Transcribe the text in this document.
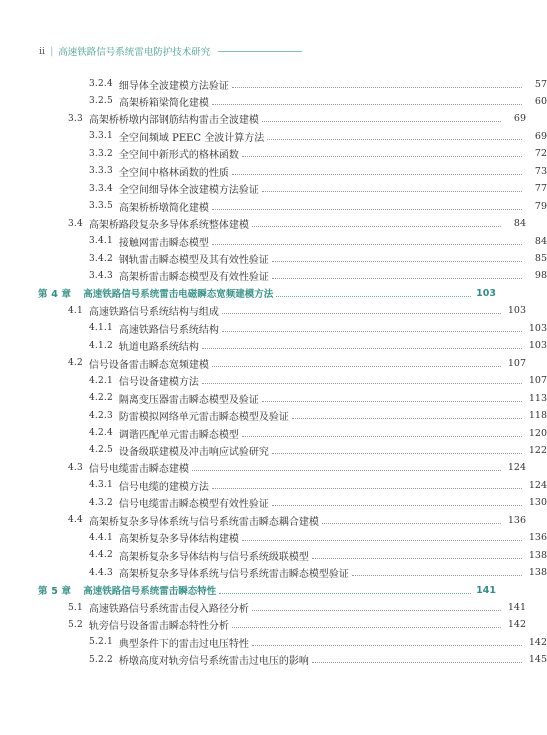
ii | 高速铁路信号系统雷电防护技术研究
3.2.4 细导体全波建模方法验证	57
3.2.5 高架桥箱梁简化建模	60
3.3 高架桥桥墩内部钢筋结构雷击全波建模	69
3.3.1 全空间频域 PEEC 全波计算方法	69
3.3.2 全空间中新形式的格林函数	72
3.3.3 全空间中格林函数的性质	73
3.3.4 全空间细导体全波建模方法验证	77
3.3.5 高架桥桥墩简化建模	79
3.4 高架桥路段复杂多导体系统整体建模	84
3.4.1 接触网雷击瞬态模型	84
3.4.2 钢轨雷击瞬态模型及其有效性验证	85
3.4.3 高架桥雷击瞬态模型及有效性验证	98
第 4 章 高速铁路信号系统雷击电磁瞬态宽频建模方法	103
4.1 高速铁路信号系统结构与组成	103
4.1.1 高速铁路信号系统结构	103
4.1.2 轨道电路系统结构	103
4.2 信号设备雷击瞬态宽频建模	107
4.2.1 信号设备建模方法	107
4.2.2 隔离变压器雷击瞬态模型及验证	113
4.2.3 防雷模拟网络单元雷击瞬态模型及验证	118
4.2.4 调谐匹配单元雷击瞬态模型	120
4.2.5 设备级联建模及冲击响应试验研究	122
4.3 信号电缆雷击瞬态建模	124
4.3.1 信号电缆的建模方法	124
4.3.2 信号电缆雷击瞬态模型有效性验证	130
4.4 高架桥复杂多导体系统与信号系统雷击瞬态耦合建模	136
4.4.1 高架桥复杂多导体结构建模	136
4.4.2 高架桥复杂多导体结构与信号系统级联模型	138
4.4.3 高架桥复杂多导体系统与信号系统雷击瞬态模型验证	138
第 5 章 高速铁路信号系统雷击瞬态特性	141
5.1 高速铁路信号系统雷击侵入路径分析	141
5.2 轨旁信号设备雷击瞬态特性分析	142
5.2.1 典型条件下的雷击过电压特性	142
5.2.2 桥墩高度对轨旁信号系统雷击过电压的影响	145
